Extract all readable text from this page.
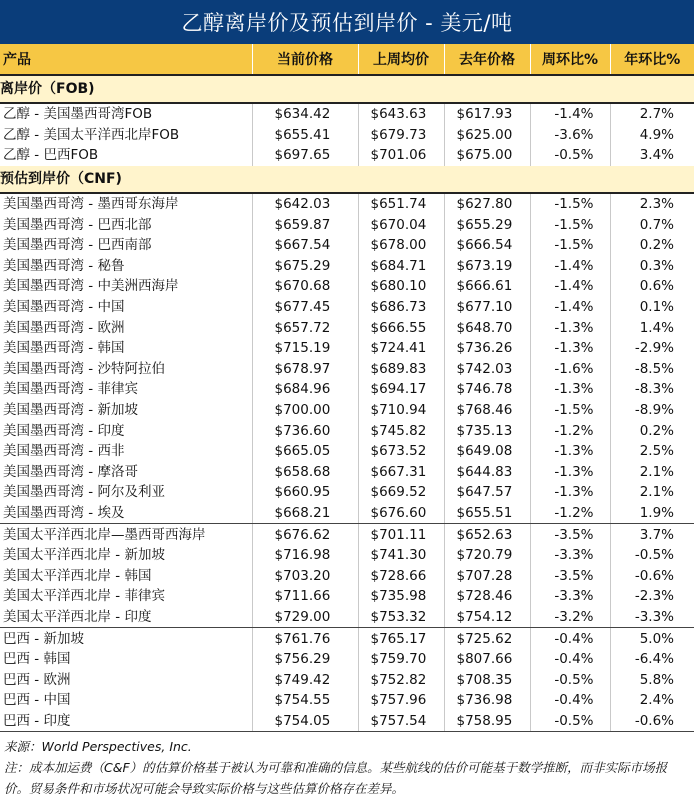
乙醇离岸价及预估到岸价 - 美元/吨
产品	当前价格	上周均价	去年价格	周环比%	年环比%
离岸价（FOB)					
乙醇 - 美国墨西哥湾FOB	$634.42	$643.63	$617.93	-1.4%	2.7%
乙醇 - 美国太平洋西北岸FOB	$655.41	$679.73	$625.00	-3.6%	4.9%
乙醇 - 巴西FOB	$697.65	$701.06	$675.00	-0.5%	3.4%
预估到岸价（CNF)					
美国墨西哥湾 - 墨西哥东海岸	$642.03	$651.74	$627.80	-1.5%	2.3%
美国墨西哥湾 - 巴西北部	$659.87	$670.04	$655.29	-1.5%	0.7%
美国墨西哥湾 - 巴西南部	$667.54	$678.00	$666.54	-1.5%	0.2%
美国墨西哥湾 - 秘鲁	$675.29	$684.71	$673.19	-1.4%	0.3%
美国墨西哥湾 - 中美洲西海岸	$670.68	$680.10	$666.61	-1.4%	0.6%
美国墨西哥湾 - 中国	$677.45	$686.73	$677.10	-1.4%	0.1%
美国墨西哥湾 - 欧洲	$657.72	$666.55	$648.70	-1.3%	1.4%
美国墨西哥湾 - 韩国	$715.19	$724.41	$736.26	-1.3%	-2.9%
美国墨西哥湾 - 沙特阿拉伯	$678.97	$689.83	$742.03	-1.6%	-8.5%
美国墨西哥湾 - 菲律宾	$684.96	$694.17	$746.78	-1.3%	-8.3%
美国墨西哥湾 - 新加坡	$700.00	$710.94	$768.46	-1.5%	-8.9%
美国墨西哥湾 - 印度	$736.60	$745.82	$735.13	-1.2%	0.2%
美国墨西哥湾 - 西非	$665.05	$673.52	$649.08	-1.3%	2.5%
美国墨西哥湾 - 摩洛哥	$658.68	$667.31	$644.83	-1.3%	2.1%
美国墨西哥湾 - 阿尔及利亚	$660.95	$669.52	$647.57	-1.3%	2.1%
美国墨西哥湾 - 埃及	$668.21	$676.60	$655.51	-1.2%	1.9%
美国太平洋西北岸—墨西哥西海岸	$676.62	$701.11	$652.63	-3.5%	3.7%
美国太平洋西北岸 - 新加坡	$716.98	$741.30	$720.79	-3.3%	-0.5%
美国太平洋西北岸 - 韩国	$703.20	$728.66	$707.28	-3.5%	-0.6%
美国太平洋西北岸 - 菲律宾	$711.66	$735.98	$728.46	-3.3%	-2.3%
美国太平洋西北岸 - 印度	$729.00	$753.32	$754.12	-3.2%	-3.3%
巴西 - 新加坡	$761.76	$765.17	$725.62	-0.4%	5.0%
巴西 - 韩国	$756.29	$759.70	$807.66	-0.4%	-6.4%
巴西 - 欧洲	$749.42	$752.82	$708.35	-0.5%	5.8%
巴西 - 中国	$754.55	$757.96	$736.98	-0.4%	2.4%
巴西 - 印度	$754.05	$757.54	$758.95	-0.5%	-0.6%
来源：World Perspectives, Inc.
注：成本加运费（C&F）的估算价格基于被认为可靠和准确的信息。某些航线的估价可能基于数学推断，而非实际市场报价。贸易条件和市场状况可能会导致实际价格与这些估算价格存在差异。
